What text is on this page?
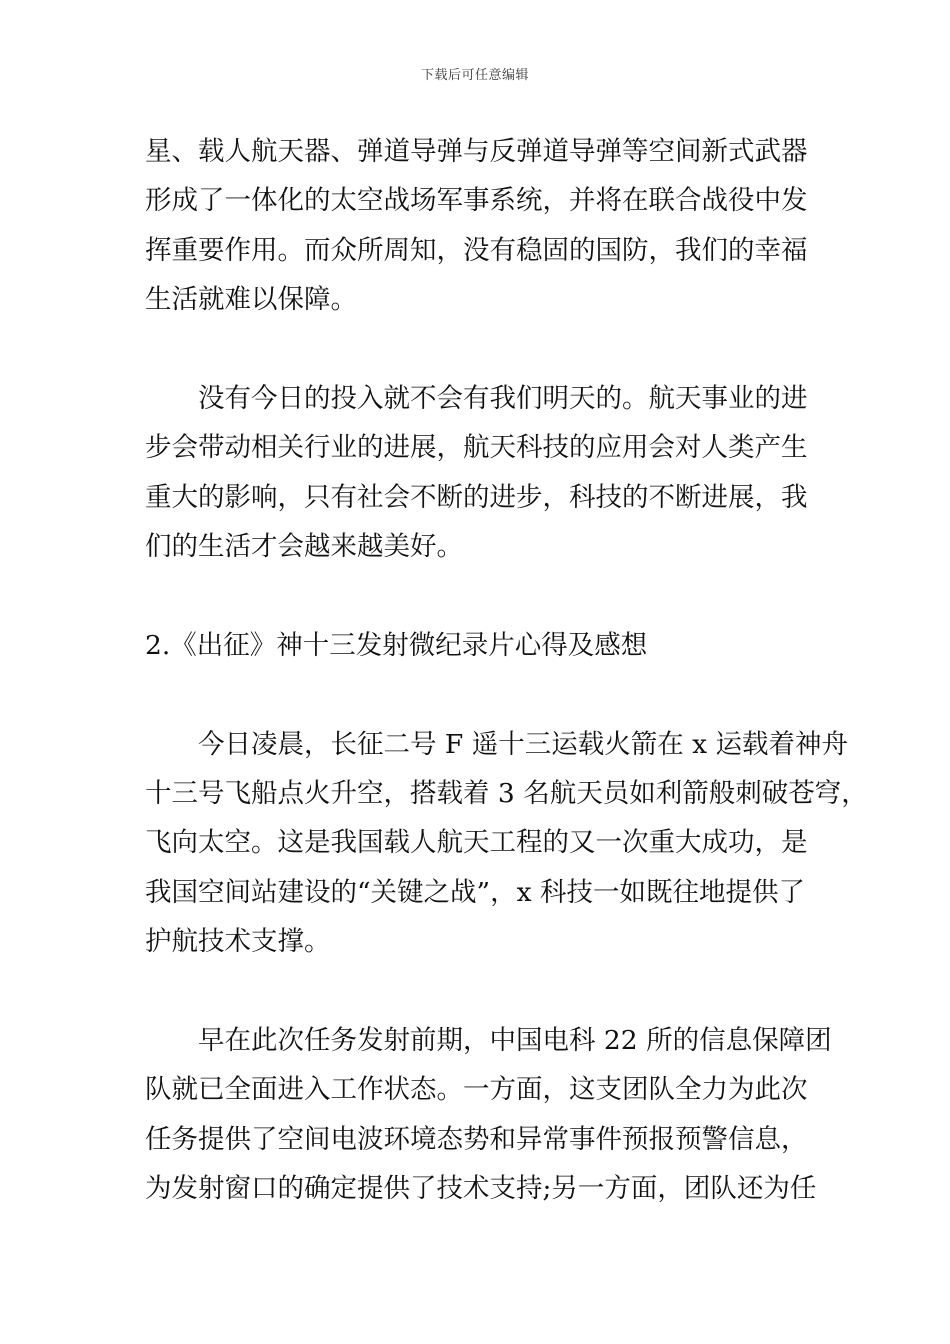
下载后可任意编辑
星、载人航天器、弹道导弹与反弹道导弹等空间新式武器
形成了一体化的太空战场军事系统，并将在联合战役中发
挥重要作用。而众所周知，没有稳固的国防，我们的幸福
生活就难以保障。
没有今日的投入就不会有我们明天的。航天事业的进
步会带动相关行业的进展，航天科技的应用会对人类产生
重大的影响，只有社会不断的进步，科技的不断进展，我
们的生活才会越来越美好。
2.《出征》神十三发射微纪录片心得及感想
今日凌晨，长征二号 F 遥十三运载火箭在 x 运载着神舟
十三号飞船点火升空，搭载着 3 名航天员如利箭般刺破苍穹，
飞向太空。这是我国载人航天工程的又一次重大成功，是
我国空间站建设的“关键之战”，x 科技一如既往地提供了
护航技术支撑。
早在此次任务发射前期，中国电科 22 所的信息保障团
队就已全面进入工作状态。一方面，这支团队全力为此次
任务提供了空间电波环境态势和异常事件预报预警信息，
为发射窗口的确定提供了技术支持;另一方面，团队还为任
